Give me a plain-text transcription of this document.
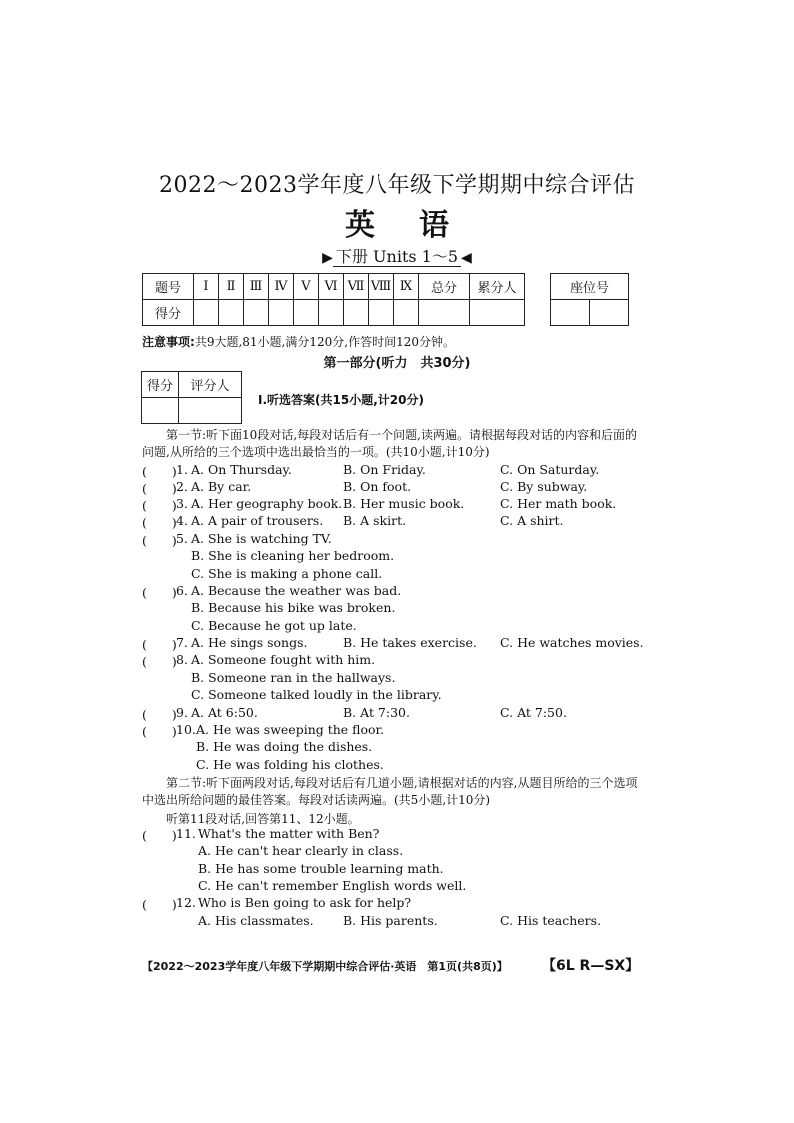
2022～2023学年度八年级下学期期中综合评估
英语
▶ 下册 Units 1～5 ◀
题号	Ⅰ	Ⅱ	Ⅲ	Ⅳ	Ⅴ	Ⅵ	Ⅶ	Ⅷ	Ⅸ	总分	累分人
得分											
座位号

注意事项:共9大题,81小题,满分120分,作答时间120分钟。
第一部分(听力　共30分)
得分	评分人

Ⅰ.听选答案(共15小题,计20分)
第一节:听下面10段对话,每段对话后有一个问题,读两遍。请根据每段对话的内容和后面的问题,从所给的三个选项中选出最恰当的一项。(共10小题,计10分)
(　　) 1. A. On Thursday.	B. On Friday.	C. On Saturday.
(　　) 2. A. By car.	B. On foot.	C. By subway.
(　　) 3. A. Her geography book. B. Her music book.	C. Her math book.
(　　) 4. A. A pair of trousers. B. A skirt.	C. A shirt.
(　　) 5. A. She is watching TV.
B. She is cleaning her bedroom.
C. She is making a phone call.
(　　) 6. A. Because the weather was bad.
B. Because his bike was broken.
C. Because he got up late.
(　　) 7. A. He sings songs.	B. He takes exercise. C. He watches movies.
(　　) 8. A. Someone fought with him.
B. Someone ran in the hallways.
C. Someone talked loudly in the library.
(　　) 9. A. At 6:50.	B. At 7:30.	C. At 7:50.
(　　) 10. A. He was sweeping the floor.
B. He was doing the dishes.
C. He was folding his clothes.
第二节:听下面两段对话,每段对话后有几道小题,请根据对话的内容,从题目所给的三个选项中选出所给问题的最佳答案。每段对话读两遍。(共5小题,计10分)
听第11段对话,回答第11、12小题。
(　　) 11. What's the matter with Ben?
A. He can't hear clearly in class.
B. He has some trouble learning math.
C. He can't remember English words well.
(　　) 12. Who is Ben going to ask for help?
A. His classmates. B. His parents.	C. His teachers.
【2022～2023学年度八年级下学期期中综合评估·英语　第1页(共8页)】 【6L R—SX】
